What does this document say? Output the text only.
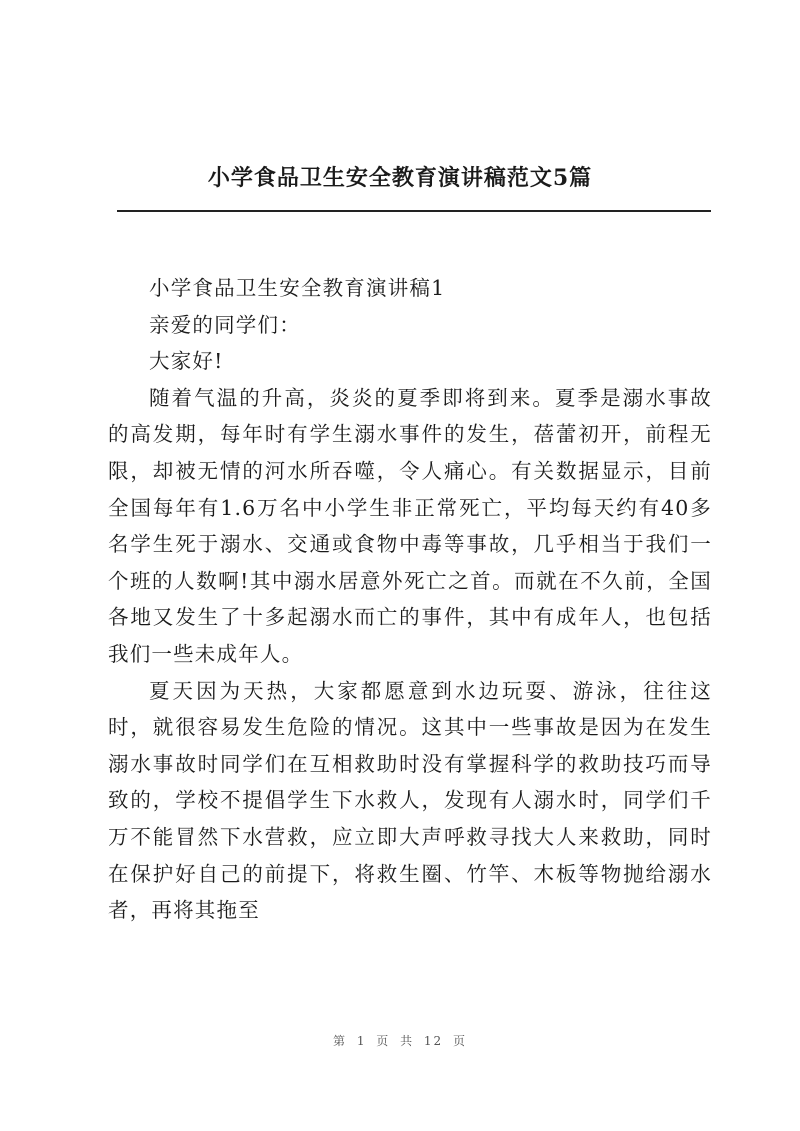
小学食品卫生安全教育演讲稿范文5篇

小学食品卫生安全教育演讲稿1

亲爱的同学们：

大家好!

随着气温的升高，炎炎的夏季即将到来。夏季是溺水事故的高发期，每年时有学生溺水事件的发生，蓓蕾初开，前程无限，却被无情的河水所吞噬，令人痛心。有关数据显示，目前全国每年有1.6万名中小学生非正常死亡，平均每天约有40多名学生死于溺水、交通或食物中毒等事故，几乎相当于我们一个班的人数啊!其中溺水居意外死亡之首。而就在不久前，全国各地又发生了十多起溺水而亡的事件，其中有成年人，也包括我们一些未成年人。

夏天因为天热，大家都愿意到水边玩耍、游泳，往往这时，就很容易发生危险的情况。这其中一些事故是因为在发生溺水事故时同学们在互相救助时没有掌握科学的救助技巧而导致的，学校不提倡学生下水救人，发现有人溺水时，同学们千万不能冒然下水营救，应立即大声呼救寻找大人来救助，同时在保护好自己的前提下，将救生圈、竹竿、木板等物抛给溺水者，再将其拖至

第 1 页 共 12 页
